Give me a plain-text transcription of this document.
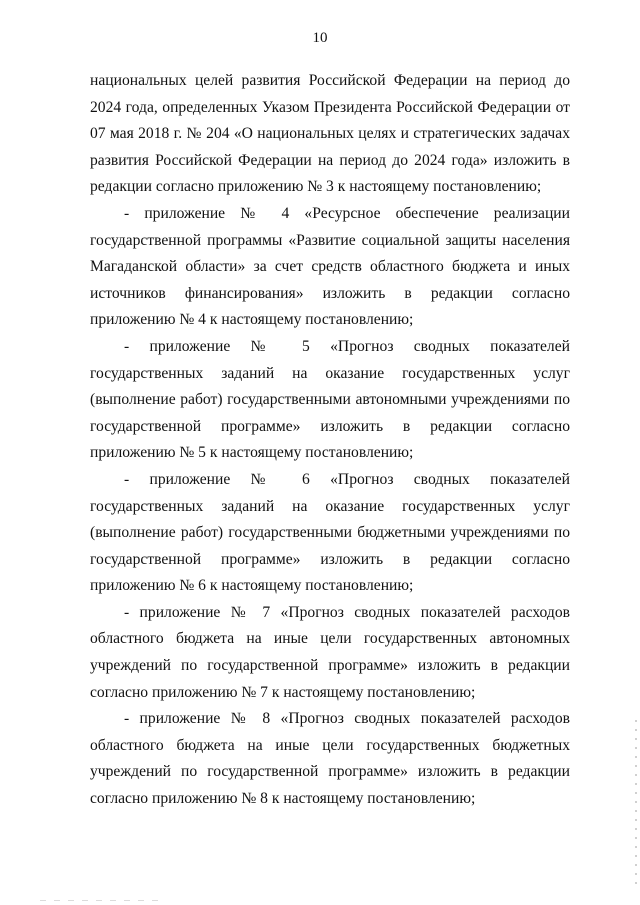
10

национальных целей развития Российской Федерации на период до 2024 года, определенных Указом Президента Российской Федерации от 07 мая 2018 г. № 204 «О национальных целях и стратегических задачах развития Российской Федерации на период до 2024 года» изложить в редакции согласно приложению № 3 к настоящему постановлению;

- приложение № 4 «Ресурсное обеспечение реализации государственной программы «Развитие социальной защиты населения Магаданской области» за счет средств областного бюджета и иных источников финансирования» изложить в редакции согласно приложению № 4 к настоящему постановлению;

- приложение № 5 «Прогноз сводных показателей государственных заданий на оказание государственных услуг (выполнение работ) государственными автономными учреждениями по государственной программе» изложить в редакции согласно приложению № 5 к настоящему постановлению;

- приложение № 6 «Прогноз сводных показателей государственных заданий на оказание государственных услуг (выполнение работ) государственными бюджетными учреждениями по государственной программе» изложить в редакции согласно приложению № 6 к настоящему постановлению;

- приложение № 7 «Прогноз сводных показателей расходов областного бюджета на иные цели государственных автономных учреждений по государственной программе» изложить в редакции согласно приложению № 7 к настоящему постановлению;

- приложение № 8 «Прогноз сводных показателей расходов областного бюджета на иные цели государственных бюджетных учреждений по государственной программе» изложить в редакции согласно приложению № 8 к настоящему постановлению;
